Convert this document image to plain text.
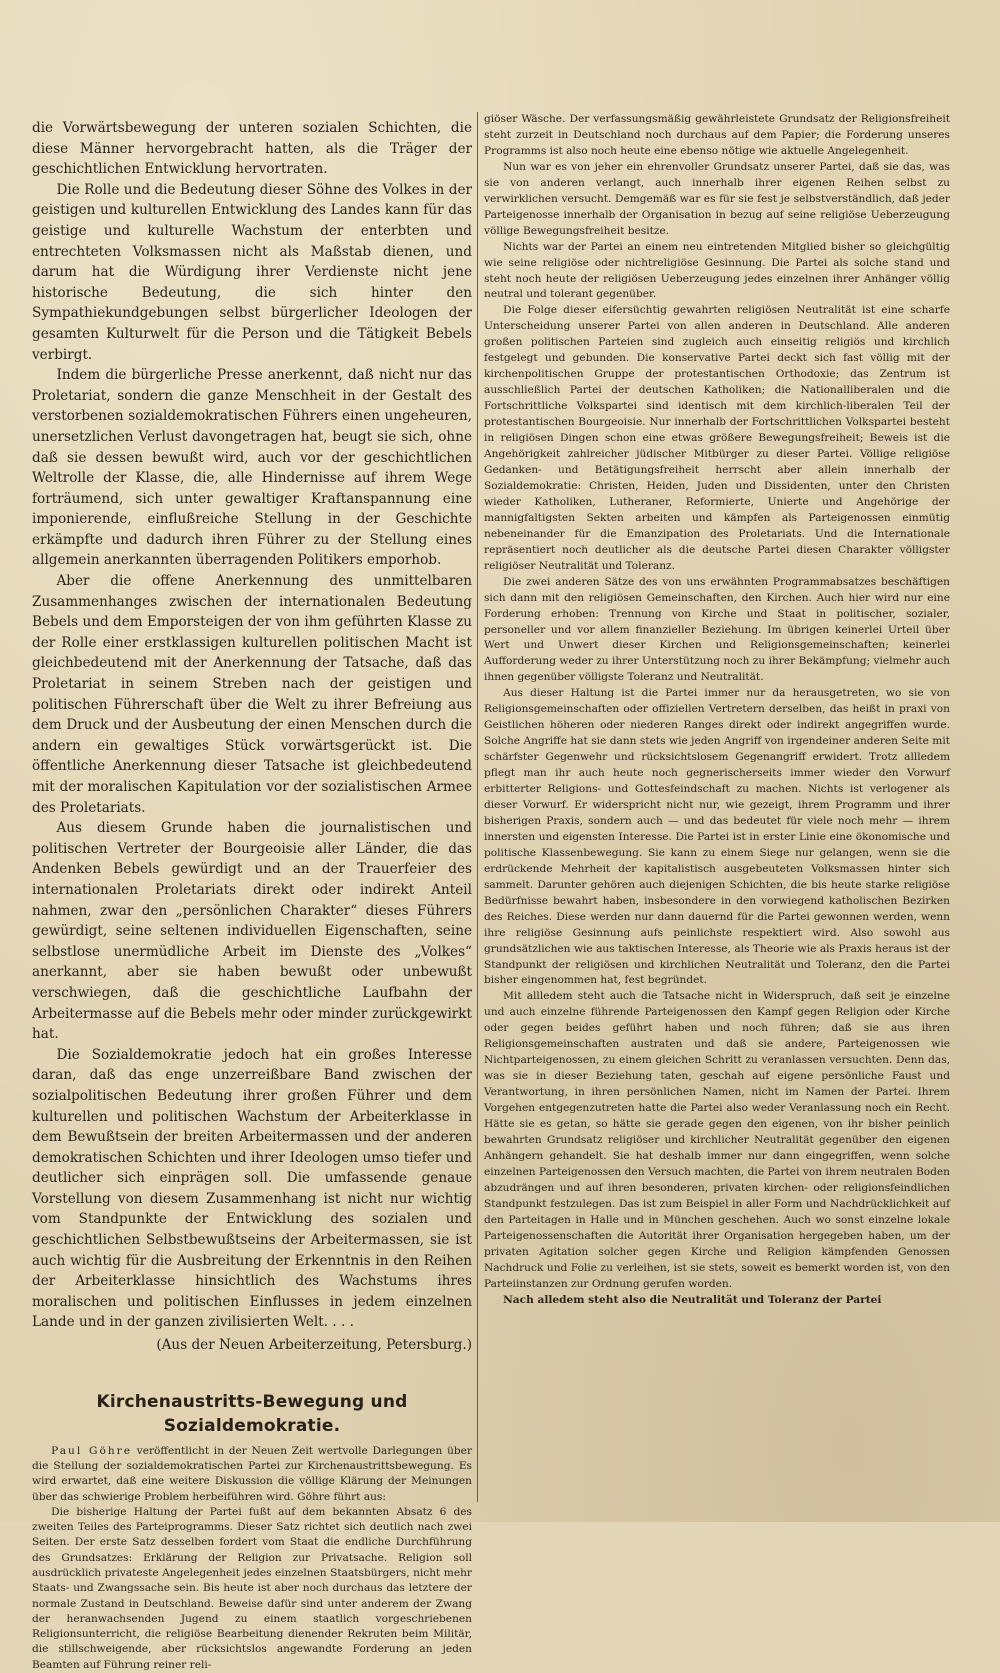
die Vorwärtsbewegung der unteren sozialen Schichten, die diese Männer hervorgebracht hatten, als die Träger der geschichtlichen Entwicklung hervortraten.

Die Rolle und die Bedeutung dieser Söhne des Volkes in der geistigen und kulturellen Entwicklung des Landes kann für das geistige und kulturelle Wachstum der enterbten und entrechteten Volksmassen nicht als Maßstab dienen, und darum hat die Würdigung ihrer Verdienste nicht jene historische Bedeutung, die sich hinter den Sympathiekundgebungen selbst bürgerlicher Ideologen der gesamten Kulturwelt für die Person und die Tätigkeit Bebels verbirgt.

Indem die bürgerliche Presse anerkennt, daß nicht nur das Proletariat, sondern die ganze Menschheit in der Gestalt des verstorbenen sozialdemokratischen Führers einen ungeheuren, unersetzlichen Verlust davongetragen hat, beugt sie sich, ohne daß sie dessen bewußt wird, auch vor der geschichtlichen Weltrolle der Klasse, die, alle Hindernisse auf ihrem Wege forträumend, sich unter gewaltiger Kraftanspannung eine imponierende, einflußreiche Stellung in der Geschichte erkämpfte und dadurch ihren Führer zu der Stellung eines allgemein anerkannten überragenden Politikers emporhob.

Aber die offene Anerkennung des unmittelbaren Zusammenhanges zwischen der internationalen Bedeutung Bebels und dem Emporsteigen der von ihm geführten Klasse zu der Rolle einer erstklassigen kulturellen politischen Macht ist gleichbedeutend mit der Anerkennung der Tatsache, daß das Proletariat in seinem Streben nach der geistigen und politischen Führerschaft über die Welt zu ihrer Befreiung aus dem Druck und der Ausbeutung der einen Menschen durch die andern ein gewaltiges Stück vorwärtsgerückt ist. Die öffentliche Anerkennung dieser Tatsache ist gleichbedeutend mit der moralischen Kapitulation vor der sozialistischen Armee des Proletariats.

Aus diesem Grunde haben die journalistischen und politischen Vertreter der Bourgeoisie aller Länder, die das Andenken Bebels gewürdigt und an der Trauerfeier des internationalen Proletariats direkt oder indirekt Anteil nahmen, zwar den „persönlichen Charakter“ dieses Führers gewürdigt, seine seltenen individuellen Eigenschaften, seine selbstlose unermüdliche Arbeit im Dienste des „Volkes“ anerkannt, aber sie haben bewußt oder unbewußt verschwiegen, daß die geschichtliche Laufbahn der Arbeitermasse auf die Bebels mehr oder minder zurückgewirkt hat.

Die Sozialdemokratie jedoch hat ein großes Interesse daran, daß das enge unzerreißbare Band zwischen der sozialpolitischen Bedeutung ihrer großen Führer und dem kulturellen und politischen Wachstum der Arbeiterklasse in dem Bewußtsein der breiten Arbeitermassen und der anderen demokratischen Schichten und ihrer Ideologen umso tiefer und deutlicher sich einprägen soll. Die umfassende genaue Vorstellung von diesem Zusammenhang ist nicht nur wichtig vom Standpunkte der Entwicklung des sozialen und geschichtlichen Selbstbewußtseins der Arbeitermassen, sie ist auch wichtig für die Ausbreitung der Erkenntnis in den Reihen der Arbeiterklasse hinsichtlich des Wachstums ihres moralischen und politischen Einflusses in jedem einzelnen Lande und in der ganzen zivilisierten Welt. . . .

(Aus der Neuen Arbeiterzeitung, Petersburg.)

Kirchenaustritts-Bewegung und Sozialdemokratie.

Paul Göhre veröffentlicht in der Neuen Zeit wertvolle Darlegungen über die Stellung der sozialdemokratischen Partei zur Kirchenaustrittsbewegung. Es wird erwartet, daß eine weitere Diskussion die völlige Klärung der Meinungen über das schwierige Problem herbeiführen wird. Göhre führt aus:

Die bisherige Haltung der Partei fußt auf dem bekannten Absatz 6 des zweiten Teiles des Parteiprogramms. Dieser Satz richtet sich deutlich nach zwei Seiten. Der erste Satz desselben fordert vom Staat die endliche Durchführung des Grundsatzes: Erklärung der Religion zur Privatsache. Religion soll ausdrücklich privateste Angelegenheit jedes einzelnen Staatsbürgers, nicht mehr Staats- und Zwangssache sein. Bis heute ist aber noch durchaus das letztere der normale Zustand in Deutschland. Beweise dafür sind unter anderem der Zwang der heranwachsenden Jugend zu einem staatlich vorgeschriebenen Religionsunterricht, die religiöse Bearbeitung dienender Rekruten beim Militär, die stillschweigende, aber rücksichtslos angewandte Forderung an jeden Beamten auf Führung reiner reli-

giöser Wäsche. Der verfassungsmäßig gewährleistete Grundsatz der Religionsfreiheit steht zurzeit in Deutschland noch durchaus auf dem Papier; die Forderung unseres Programms ist also noch heute eine ebenso nötige wie aktuelle Angelegenheit.

Nun war es von jeher ein ehrenvoller Grundsatz unserer Partei, daß sie das, was sie von anderen verlangt, auch innerhalb ihrer eigenen Reihen selbst zu verwirklichen versucht. Demgemäß war es für sie fest je selbstverständlich, daß jeder Parteigenosse innerhalb der Organisation in bezug auf seine religiöse Ueberzeugung völlige Bewegungsfreiheit besitze.

Nichts war der Partei an einem neu eintretenden Mitglied bisher so gleichgültig wie seine religiöse oder nichtreligiöse Gesinnung. Die Partei als solche stand und steht noch heute der religiösen Ueberzeugung jedes einzelnen ihrer Anhänger völlig neutral und tolerant gegenüber.

Die Folge dieser eifersüchtig gewahrten religiösen Neutralität ist eine scharfe Unterscheidung unserer Partei von allen anderen in Deutschland. Alle anderen großen politischen Parteien sind zugleich auch einseitig religiös und kirchlich festgelegt und gebunden. Die konservative Partei deckt sich fast völlig mit der kirchenpolitischen Gruppe der protestantischen Orthodoxie; das Zentrum ist ausschließlich Partei der deutschen Katholiken; die Nationalliberalen und die Fortschrittliche Volkspartei sind identisch mit dem kirchlich-liberalen Teil der protestantischen Bourgeoisie. Nur innerhalb der Fortschrittlichen Volkspartei besteht in religiösen Dingen schon eine etwas größere Bewegungsfreiheit; Beweis ist die Angehörigkeit zahlreicher jüdischer Mitbürger zu dieser Partei. Völlige religiöse Gedanken- und Betätigungsfreiheit herrscht aber allein innerhalb der Sozialdemokratie: Christen, Heiden, Juden und Dissidenten, unter den Christen wieder Katholiken, Lutheraner, Reformierte, Unierte und Angehörige der mannigfaltigsten Sekten arbeiten und kämpfen als Parteigenossen einmütig nebeneinander für die Emanzipation des Proletariats. Und die Internationale repräsentiert noch deutlicher als die deutsche Partei diesen Charakter völligster religiöser Neutralität und Toleranz.

Die zwei anderen Sätze des von uns erwähnten Programmabsatzes beschäftigen sich dann mit den religiösen Gemeinschaften, den Kirchen. Auch hier wird nur eine Forderung erhoben: Trennung von Kirche und Staat in politischer, sozialer, personeller und vor allem finanzieller Beziehung. Im übrigen keinerlei Urteil über Wert und Unwert dieser Kirchen und Religionsgemeinschaften; keinerlei Aufforderung weder zu ihrer Unterstützung noch zu ihrer Bekämpfung; vielmehr auch ihnen gegenüber völligste Toleranz und Neutralität.

Aus dieser Haltung ist die Partei immer nur da herausgetreten, wo sie von Religionsgemeinschaften oder offiziellen Vertretern derselben, das heißt in praxi von Geistlichen höheren oder niederen Ranges direkt oder indirekt angegriffen wurde. Solche Angriffe hat sie dann stets wie jeden Angriff von irgendeiner anderen Seite mit schärfster Gegenwehr und rücksichtslosem Gegenangriff erwidert. Trotz allledem pflegt man ihr auch heute noch gegnerischerseits immer wieder den Vorwurf erbitterter Religions- und Gottesfeindschaft zu machen. Nichts ist verlogener als dieser Vorwurf. Er widerspricht nicht nur, wie gezeigt, ihrem Programm und ihrer bisherigen Praxis, sondern auch — und das bedeutet für viele noch mehr — ihrem innersten und eigensten Interesse. Die Partei ist in erster Linie eine ökonomische und politische Klassenbewegung. Sie kann zu einem Siege nur gelangen, wenn sie die erdrückende Mehrheit der kapitalistisch ausgebeuteten Volksmassen hinter sich sammelt. Darunter gehören auch diejenigen Schichten, die bis heute starke religiöse Bedürfnisse bewahrt haben, insbesondere in den vorwiegend katholischen Bezirken des Reiches. Diese werden nur dann dauernd für die Partei gewonnen werden, wenn ihre religiöse Gesinnung aufs peinlichste respektiert wird. Also sowohl aus grundsätzlichen wie aus taktischen Interesse, als Theorie wie als Praxis heraus ist der Standpunkt der religiösen und kirchlichen Neutralität und Toleranz, den die Partei bisher eingenommen hat, fest begründet.

Mit allledem steht auch die Tatsache nicht in Widerspruch, daß seit je einzelne und auch einzelne führende Parteigenossen den Kampf gegen Religion oder Kirche oder gegen beides geführt haben und noch führen; daß sie aus ihren Religionsgemeinschaften austraten und daß sie andere, Parteigenossen wie Nichtparteigenossen, zu einem gleichen Schritt zu veranlassen versuchten. Denn das, was sie in dieser Beziehung taten, geschah auf eigene persönliche Faust und Verantwortung, in ihren persönlichen Namen, nicht im Namen der Partei. Ihrem Vorgehen entgegenzutreten hatte die Partei also weder Veranlassung noch ein Recht. Hätte sie es getan, so hätte sie gerade gegen den eigenen, von ihr bisher peinlich bewahrten Grundsatz religiöser und kirchlicher Neutralität gegenüber den eigenen Anhängern gehandelt. Sie hat deshalb immer nur dann eingegriffen, wenn solche einzelnen Parteigenossen den Versuch machten, die Partei von ihrem neutralen Boden abzudrängen und auf ihren besonderen, privaten kirchen- oder religionsfeindlichen Standpunkt festzulegen. Das ist zum Beispiel in aller Form und Nachdrücklichkeit auf den Parteitagen in Halle und in München geschehen. Auch wo sonst einzelne lokale Parteigenossenschaften die Autorität ihrer Organisation hergegeben haben, um der privaten Agitation solcher gegen Kirche und Religion kämpfenden Genossen Nachdruck und Folie zu verleihen, ist sie stets, soweit es bemerkt worden ist, von den Parteiinstanzen zur Ordnung gerufen worden.

Nach alledem steht also die Neutralität und Toleranz der Partei
